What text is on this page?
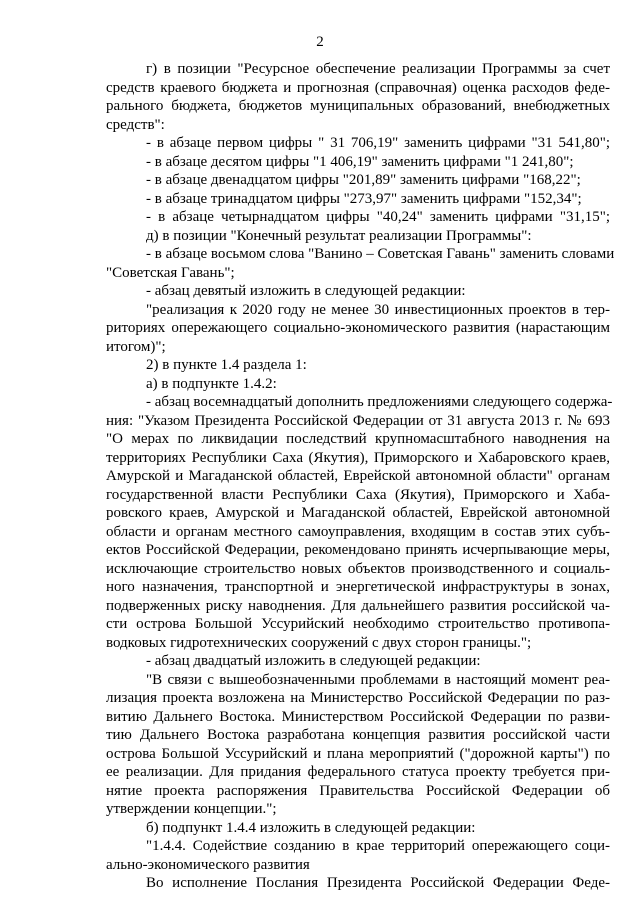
2
г) в позиции "Ресурсное обеспечение реализации Программы за счет
средств краевого бюджета и прогнозная (справочная) оценка расходов феде-
рального бюджета, бюджетов муниципальных образований, внебюджетных
средств":
- в абзаце первом цифры " 31 706,19" заменить цифрами "31 541,80";
- в абзаце десятом цифры "1 406,19" заменить цифрами "1 241,80";
- в абзаце двенадцатом цифры "201,89" заменить цифрами "168,22";
- в абзаце тринадцатом цифры "273,97" заменить цифрами "152,34";
- в абзаце четырнадцатом цифры "40,24" заменить цифрами "31,15";
д) в позиции "Конечный результат реализации Программы":
- в абзаце восьмом слова "Ванино – Советская Гавань" заменить словами
"Советская Гавань";
- абзац девятый изложить в следующей редакции:
"реализация к 2020 году не менее 30 инвестиционных проектов в тер-
риториях опережающего социально-экономического развития (нарастающим
итогом)";
2) в пункте 1.4 раздела 1:
а) в подпункте 1.4.2:
- абзац восемнадцатый дополнить предложениями следующего содержа-
ния: "Указом Президента Российской Федерации от 31 августа 2013 г. № 693
"О мерах по ликвидации последствий крупномасштабного наводнения на
территориях Республики Саха (Якутия), Приморского и Хабаровского краев,
Амурской и Магаданской областей, Еврейской автономной области" органам
государственной власти Республики Саха (Якутия), Приморского и Хаба-
ровского краев, Амурской и Магаданской областей, Еврейской автономной
области и органам местного самоуправления, входящим в состав этих субъ-
ектов Российской Федерации, рекомендовано принять исчерпывающие меры,
исключающие строительство новых объектов производственного и социаль-
ного назначения, транспортной и энергетической инфраструктуры в зонах,
подверженных риску наводнения. Для дальнейшего развития российской ча-
сти острова Большой Уссурийский необходимо строительство противопа-
водковых гидротехнических сооружений с двух сторон границы.";
- абзац двадцатый изложить в следующей редакции:
"В связи с вышеобозначенными проблемами в настоящий момент реа-
лизация проекта возложена на Министерство Российской Федерации по раз-
витию Дальнего Востока. Министерством Российской Федерации по разви-
тию Дальнего Востока разработана концепция развития российской части
острова Большой Уссурийский и плана мероприятий ("дорожной карты") по
ее реализации. Для придания федерального статуса проекту требуется при-
нятие проекта распоряжения Правительства Российской Федерации об
утверждении концепции.";
б) подпункт 1.4.4 изложить в следующей редакции:
"1.4.4. Содействие созданию в крае территорий опережающего соци-
ально-экономического развития
Во исполнение Послания Президента Российской Федерации Феде-
